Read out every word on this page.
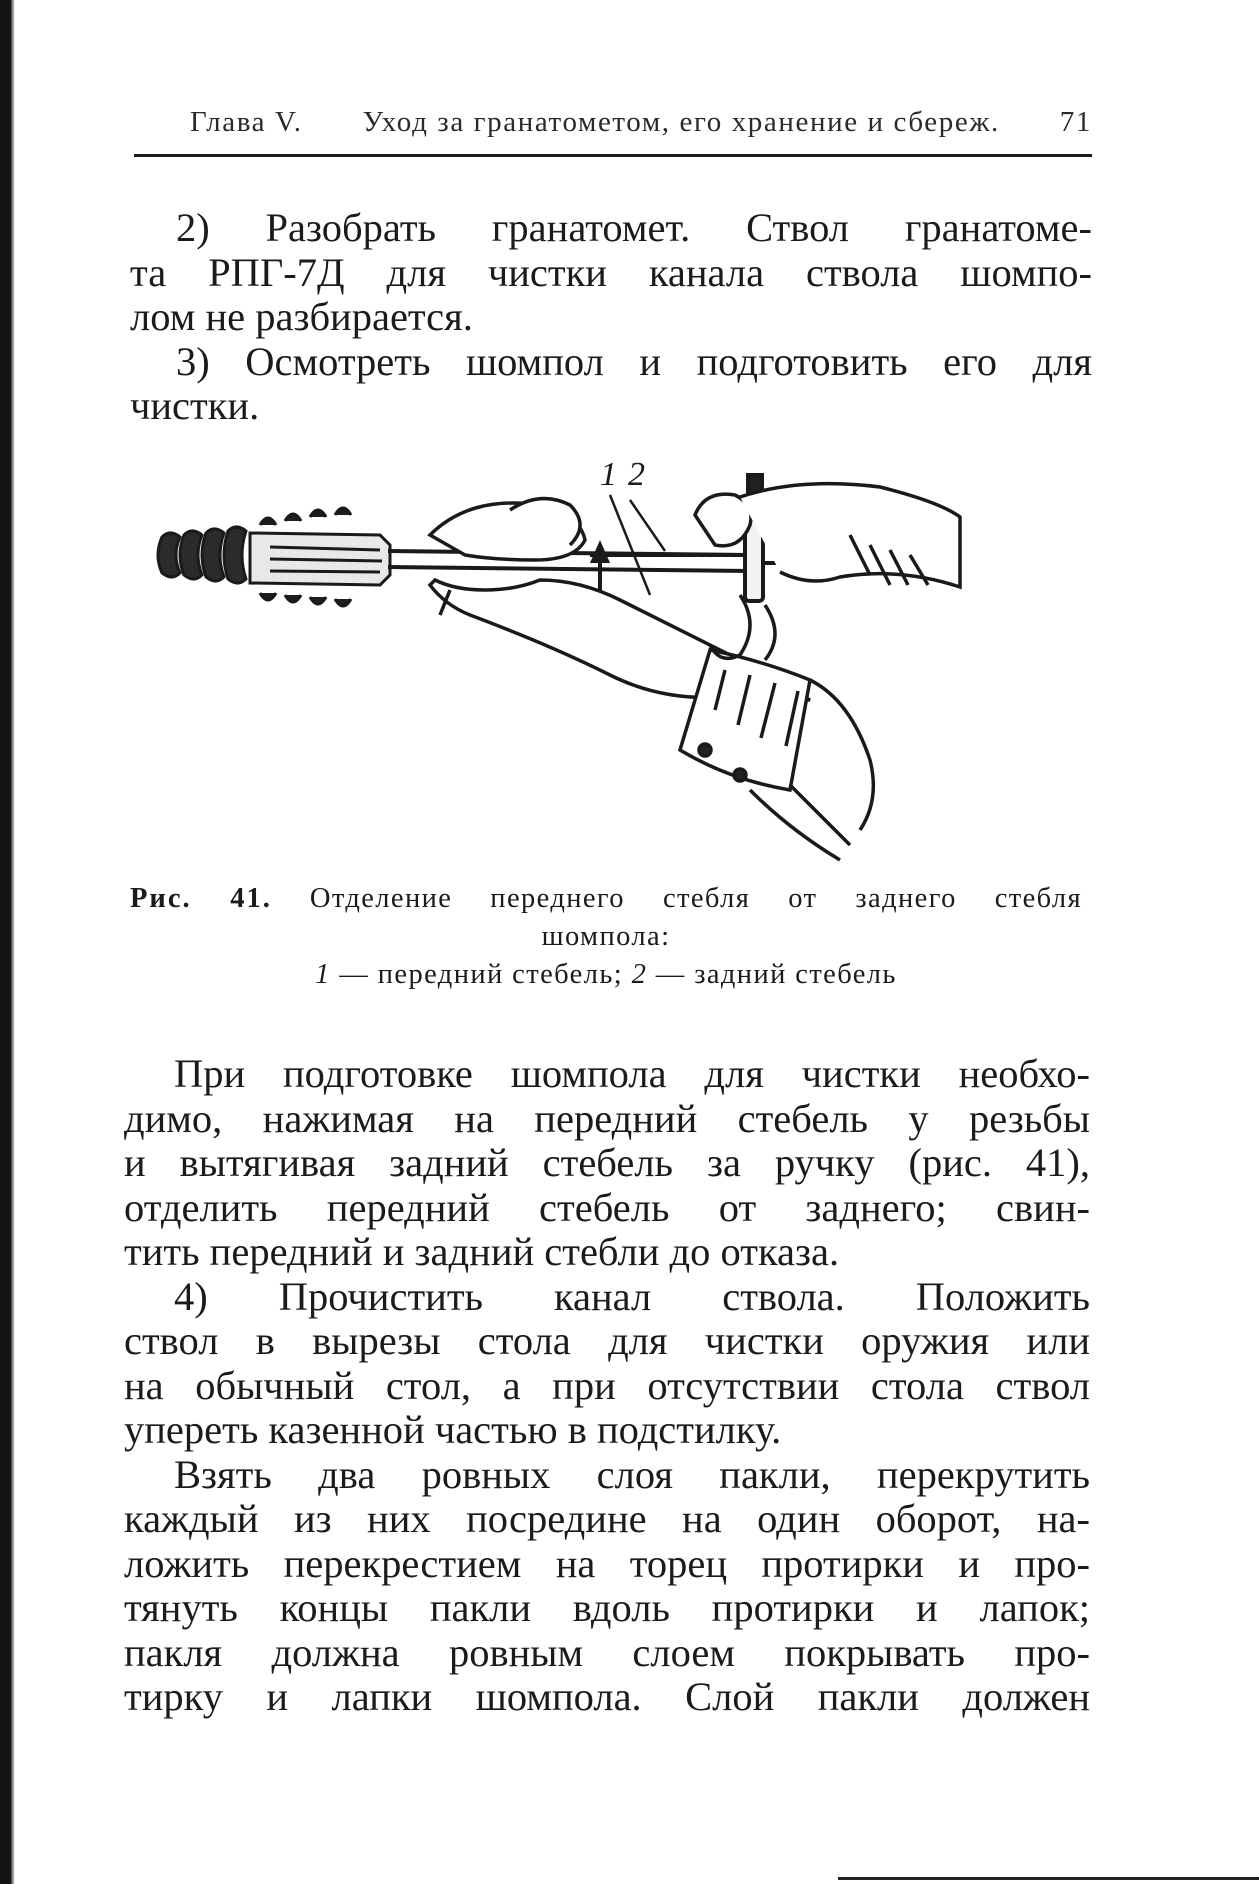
Глава V. Уход за гранатометом, его хранение и сбереж. 71
2) Разобрать гранатомет. Ствол гранатоме-
та РПГ-7Д для чистки канала ствола шомпо-
лом не разбирается.
3) Осмотреть шомпол и подготовить его для
чистки.
1 2
Рис. 41. Отделение переднего стебля от заднего стебля
шомпола:
1 — передний стебель; 2 — задний стебель
При подготовке шомпола для чистки необхо-
димо, нажимая на передний стебель у резьбы
и вытягивая задний стебель за ручку (рис. 41),
отделить передний стебель от заднего; свин-
тить передний и задний стебли до отказа.
4) Прочистить канал ствола. Положить
ствол в вырезы стола для чистки оружия или
на обычный стол, а при отсутствии стола ствол
упереть казенной частью в подстилку.
Взять два ровных слоя пакли, перекрутить
каждый из них посредине на один оборот, на-
ложить перекрестием на торец протирки и про-
тянуть концы пакли вдоль протирки и лапок;
пакля должна ровным слоем покрывать про-
тирку и лапки шомпола. Слой пакли должен
